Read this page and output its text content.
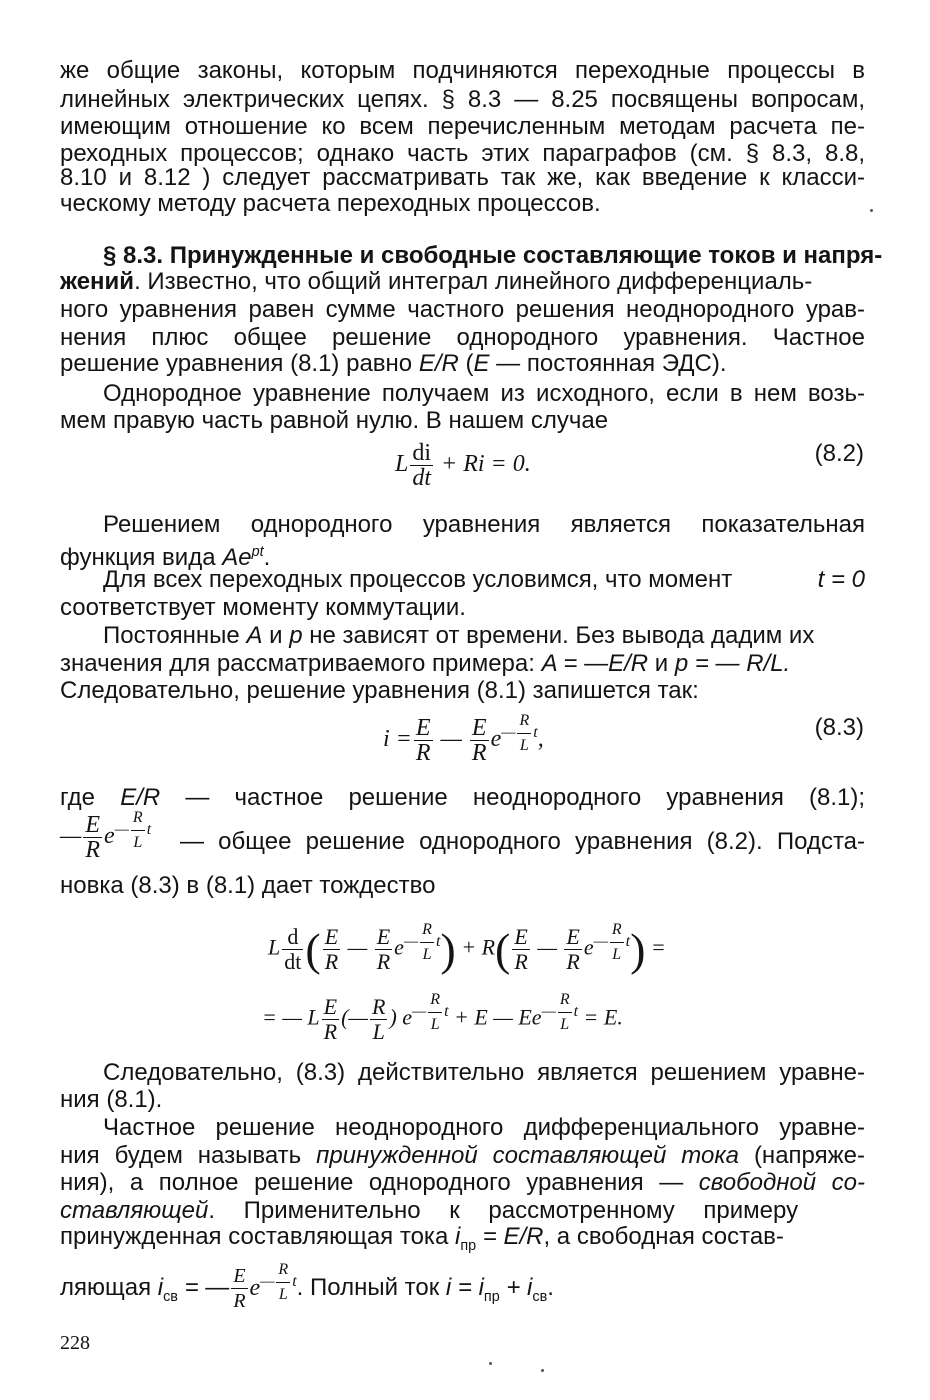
же общие законы, которым подчиняются переходные процессы в

линейных электрических цепях. § 8.3 — 8.25 посвящены вопросам,

имеющим отношение ко всем перечисленным методам расчета пе-

реходных процессов; однако часть этих параграфов (см. § 8.3, 8.8,

8.10 и 8.12 ) следует рассматривать так же, как введение к класси-

ческому методу расчета переходных процессов.

§ 8.3. Принужденные и свободные составляющие токов и напря-

жений. Известно, что общий интеграл линейного дифференциаль-

ного уравнения равен сумме частного решения неоднородного урав-

нения плюс общее решение однородного уравнения. Частное

решение уравнения (8.1) равно E/R (E — постоянная ЭДС).

Однородное уравнение получаем из исходного, если в нем возь-

мем правую часть равной нулю. В нашем случае

L $\frac{di}{dt} + Ri = 0$.	(8.2)

Решением однородного уравнения является показательная

функция вида $Ae^{pt}$.

Для всех переходных процессов условимся, что момент	t = 0

соответствует моменту коммутации.

Постоянные A и p не зависят от времени. Без вывода дадим их

значения для рассматриваемого примера: A = —E/R и p = — R/L.

Следовательно, решение уравнения (8.1) запишется так:

$i = \frac{E}{R}$ — $\frac{E}{R} e^{— \frac{R}{L} t}$,	(8.3)

где E/R — частное решение неоднородного уравнения (8.1);

— $\frac{E}{R} e^{— \frac{R}{L} t}$ — общее решение однородного уравнения (8.2). Подста-

новка (8.3) в (8.1) дает тождество

L $\frac{d}{dt}$ ( $\frac{E}{R}$ — $\frac{E}{R} e^{— \frac{R}{L} t}) + R( \frac{E}{R}$ — $\frac{E}{R} e^{— \frac{R}{L} t}$) =
= — L $\frac{E}{R}$ (— $\frac{R}{L}$ ) $e^{— \frac{R}{L} t} + E$ — $Ee^{— \frac{R}{L} t} = E$.

Следовательно, (8.3) действительно является решением уравне-

ния (8.1).

Частное решение неоднородного дифференциального уравне-

ния будем называть принужденной составляющей тока (напряже-

ния), а полное решение однородного уравнения — свободной со-

ставляющей. Применительно к рассмотренному примеру

принужденная составляющая тока $i_{пр} = E/R$, а свободная состав-

ляющая $i_{св}$ = — $\frac{E}{R} e^{— \frac{R}{L} t}$. Полный ток $i = i_{пр} + i_{св}$.

228
